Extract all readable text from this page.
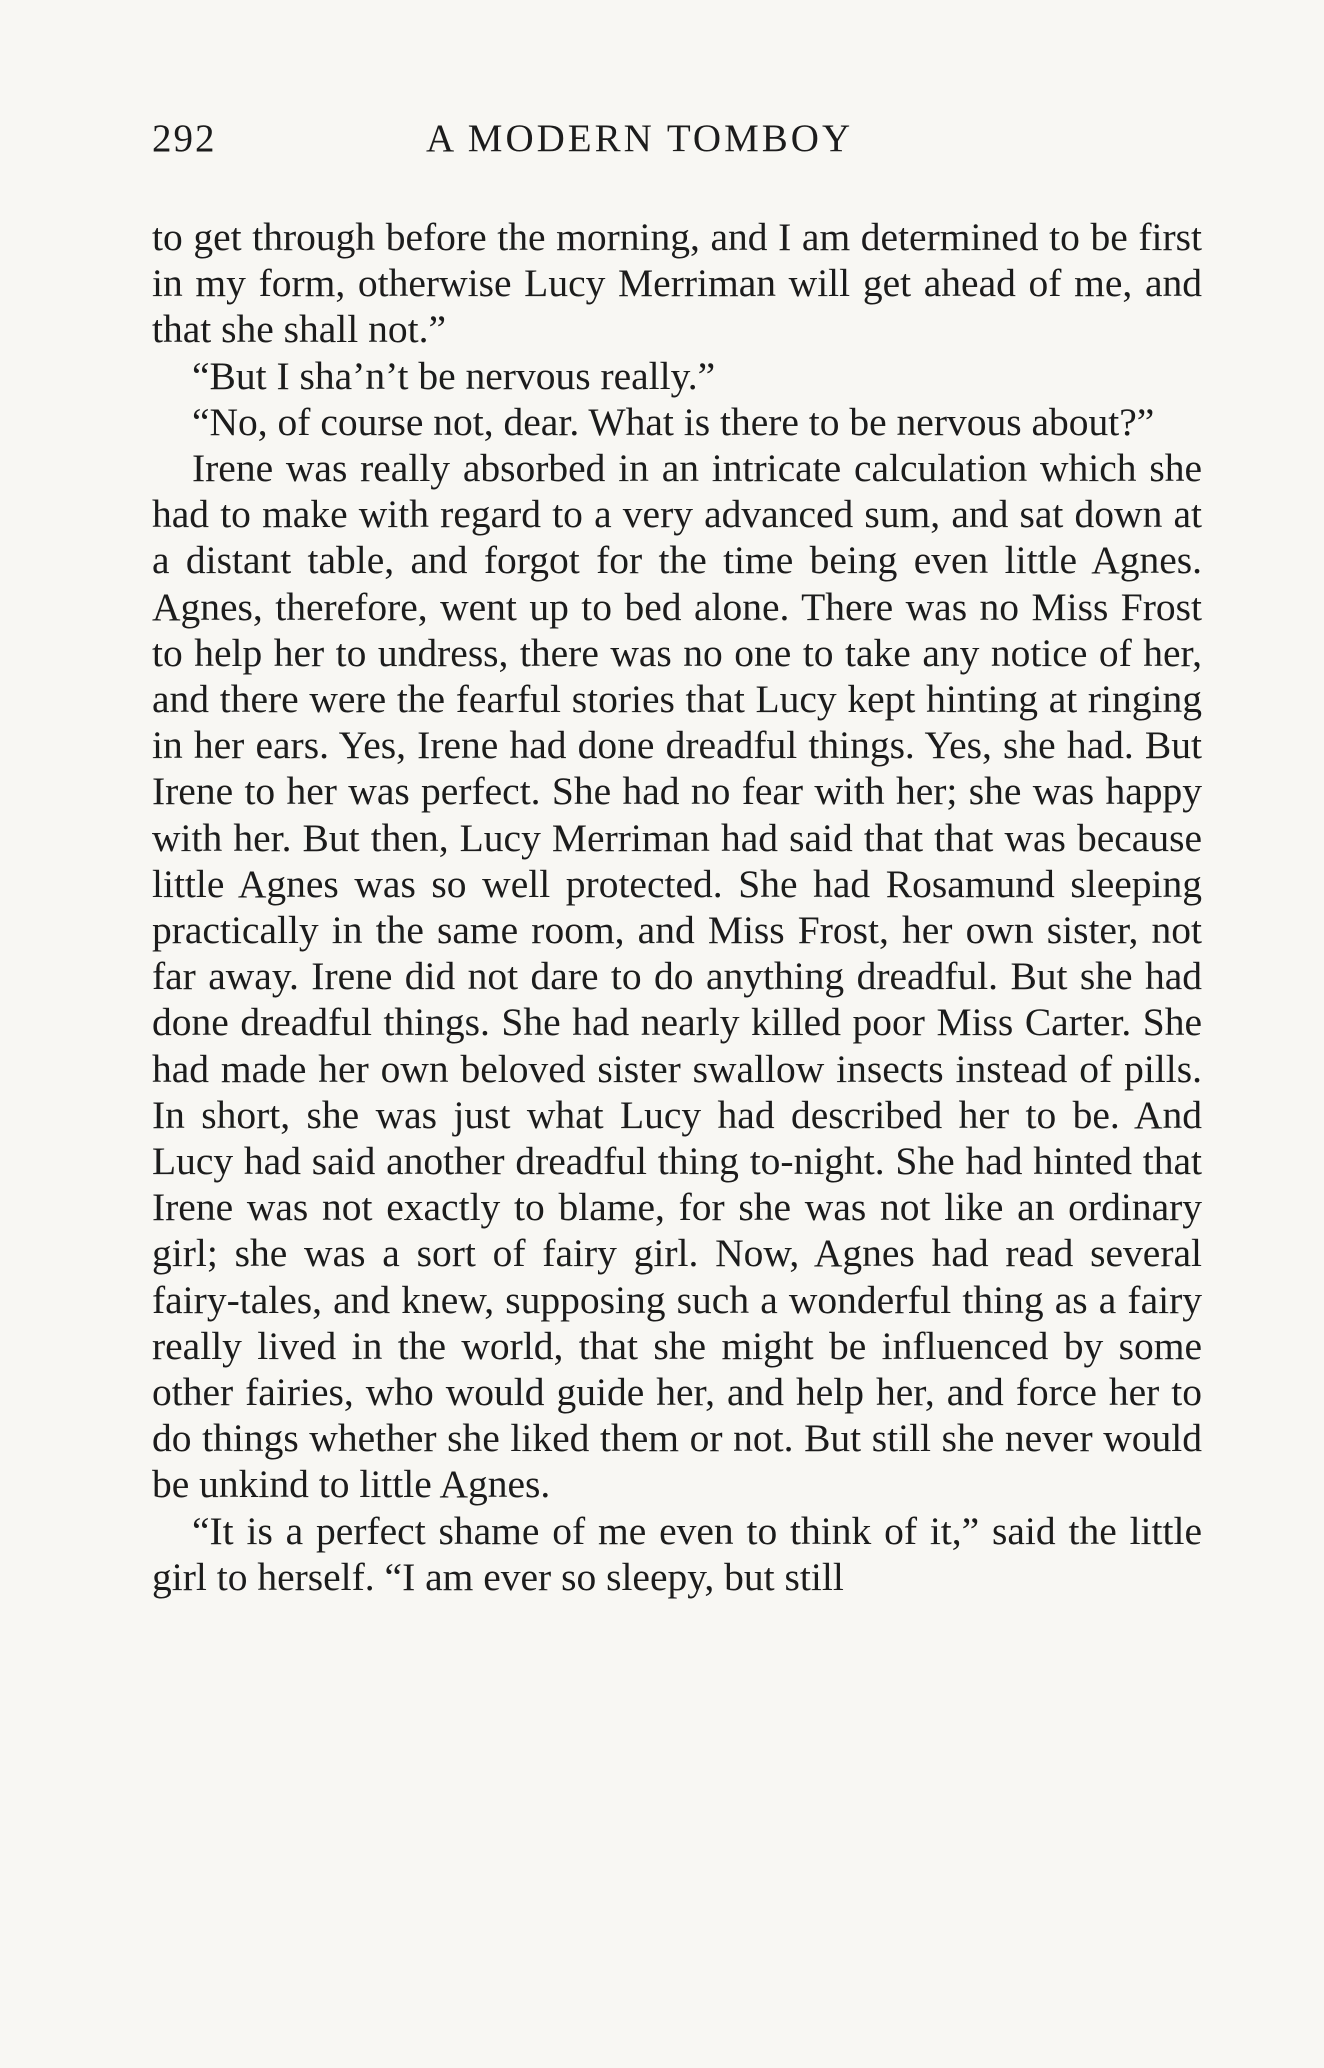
292	A MODERN TOMBOY

to get through before the morning, and I am determined to be first in my form, otherwise Lucy Merriman will get ahead of me, and that she shall not.”

“But I sha’n’t be nervous really.”

“No, of course not, dear. What is there to be nervous about?”

Irene was really absorbed in an intricate calculation which she had to make with regard to a very advanced sum, and sat down at a distant table, and forgot for the time being even little Agnes. Agnes, therefore, went up to bed alone. There was no Miss Frost to help her to undress, there was no one to take any notice of her, and there were the fearful stories that Lucy kept hinting at ringing in her ears. Yes, Irene had done dreadful things. Yes, she had. But Irene to her was perfect. She had no fear with her; she was happy with her. But then, Lucy Merriman had said that that was because little Agnes was so well protected. She had Rosamund sleeping practically in the same room, and Miss Frost, her own sister, not far away. Irene did not dare to do anything dreadful. But she had done dreadful things. She had nearly killed poor Miss Carter. She had made her own beloved sister swallow insects instead of pills. In short, she was just what Lucy had described her to be. And Lucy had said another dreadful thing to-night. She had hinted that Irene was not exactly to blame, for she was not like an ordinary girl; she was a sort of fairy girl. Now, Agnes had read several fairy-tales, and knew, supposing such a wonderful thing as a fairy really lived in the world, that she might be influenced by some other fairies, who would guide her, and help her, and force her to do things whether she liked them or not. But still she never would be unkind to little Agnes.

“It is a perfect shame of me even to think of it,” said the little girl to herself. “I am ever so sleepy, but still
